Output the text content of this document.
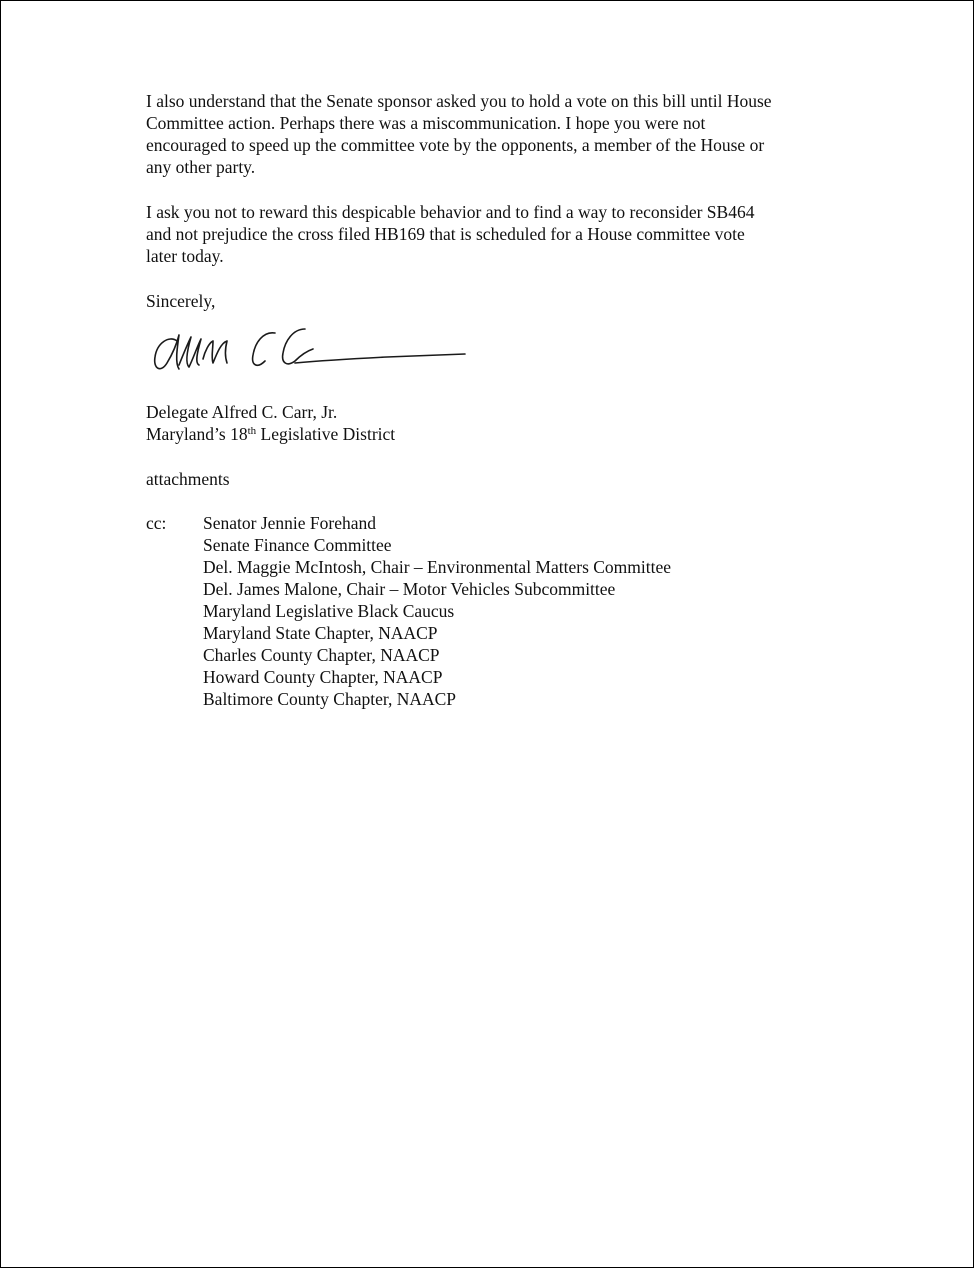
I also understand that the Senate sponsor asked you to hold a vote on this bill until House
Committee action. Perhaps there was a miscommunication. I hope you were not
encouraged to speed up the committee vote by the opponents, a member of the House or
any other party.
I ask you not to reward this despicable behavior and to find a way to reconsider SB464
and not prejudice the cross filed HB169 that is scheduled for a House committee vote
later today.
Sincerely,
Delegate Alfred C. Carr, Jr.
Maryland’s 18th Legislative District
attachments
cc: Senator Jennie Forehand
Senate Finance Committee
Del. Maggie McIntosh, Chair – Environmental Matters Committee
Del. James Malone, Chair – Motor Vehicles Subcommittee
Maryland Legislative Black Caucus
Maryland State Chapter, NAACP
Charles County Chapter, NAACP
Howard County Chapter, NAACP
Baltimore County Chapter, NAACP
